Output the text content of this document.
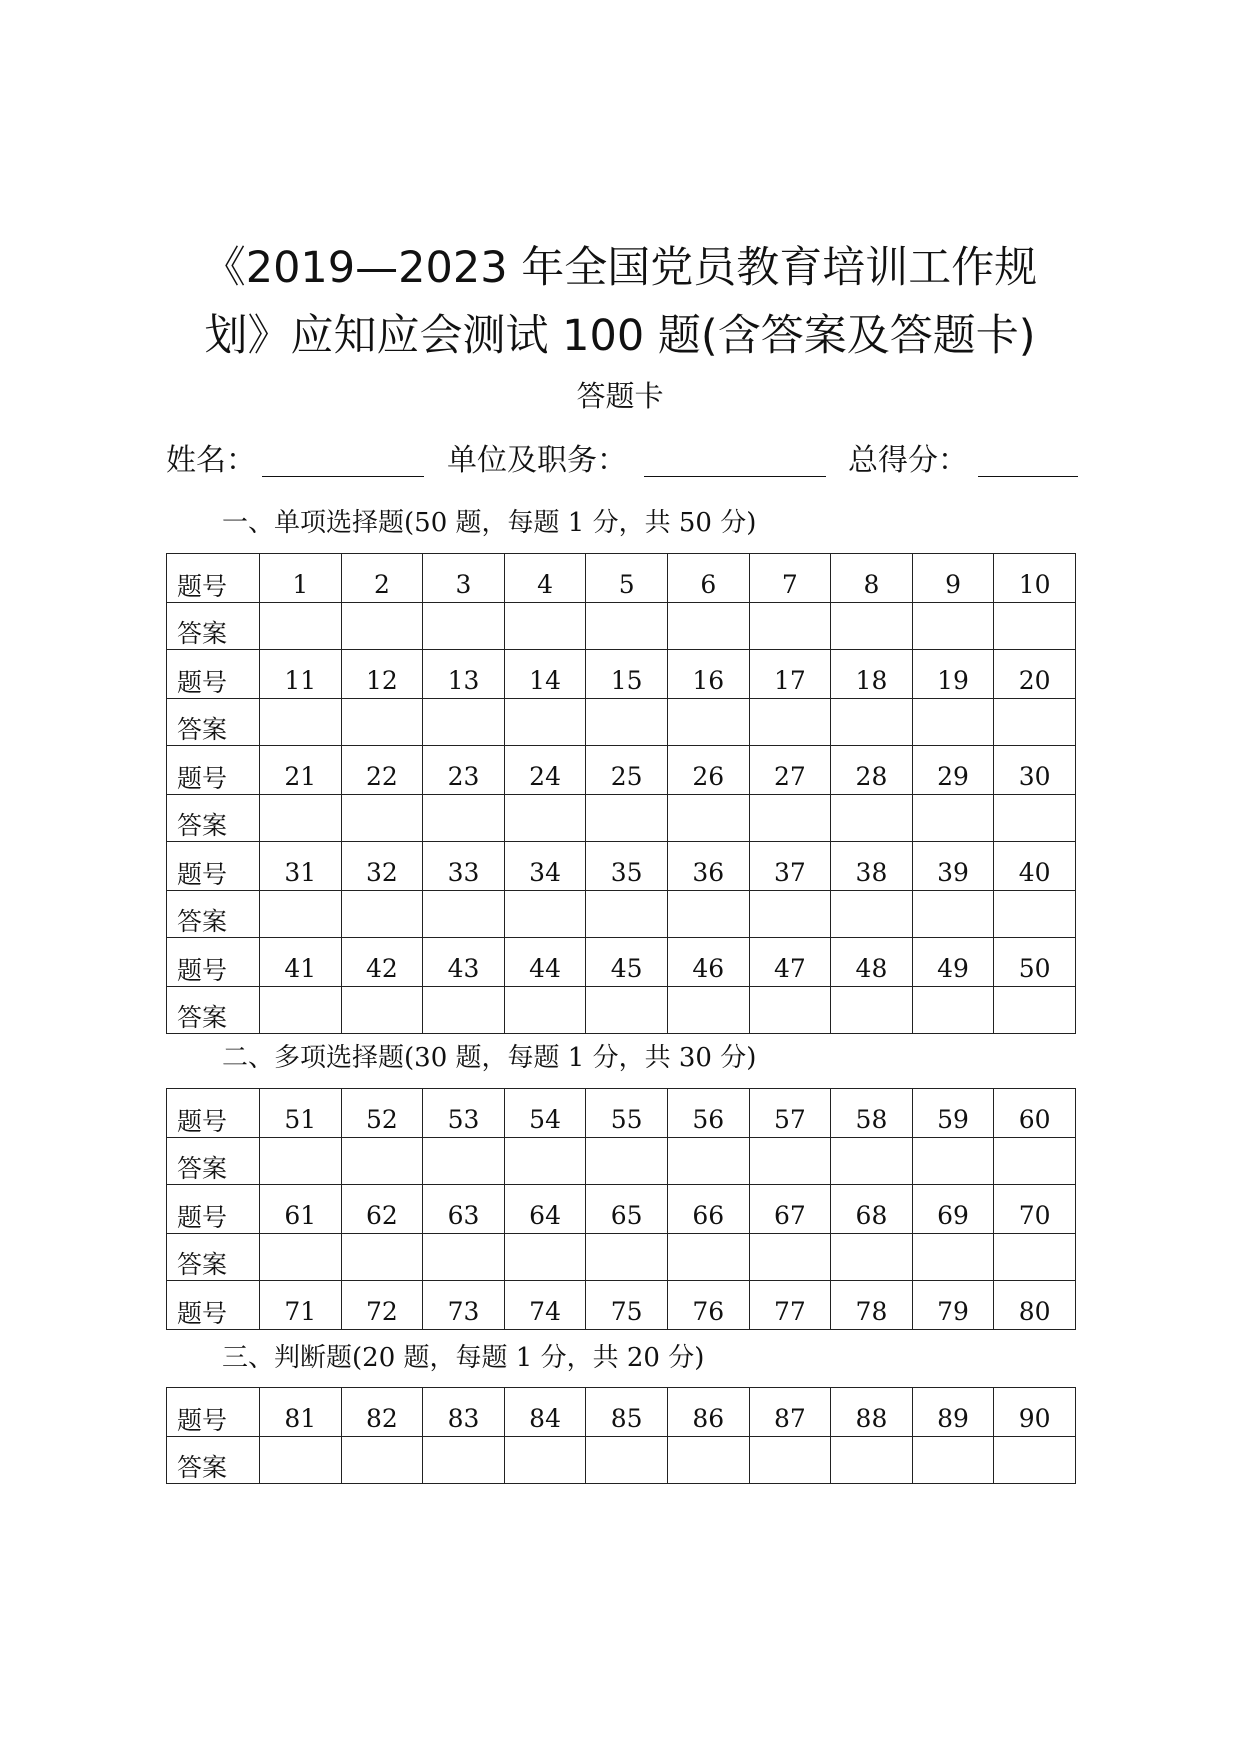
《2019—2023 年全国党员教育培训工作规
划》应知应会测试 100 题(含答案及答题卡)
答题卡
姓名：	单位及职务：	总得分：
一、单项选择题(50 题，每题 1 分，共 50 分)
题号	1	2	3	4	5	6	7	8	9	10
答案										
题号	11	12	13	14	15	16	17	18	19	20
答案										
题号	21	22	23	24	25	26	27	28	29	30
答案										
题号	31	32	33	34	35	36	37	38	39	40
答案										
题号	41	42	43	44	45	46	47	48	49	50
答案										
二、多项选择题(30 题，每题 1 分，共 30 分)
题号	51	52	53	54	55	56	57	58	59	60
答案										
题号	61	62	63	64	65	66	67	68	69	70
答案										
题号	71	72	73	74	75	76	77	78	79	80
三、判断题(20 题，每题 1 分，共 20 分)
题号	81	82	83	84	85	86	87	88	89	90
答案										
